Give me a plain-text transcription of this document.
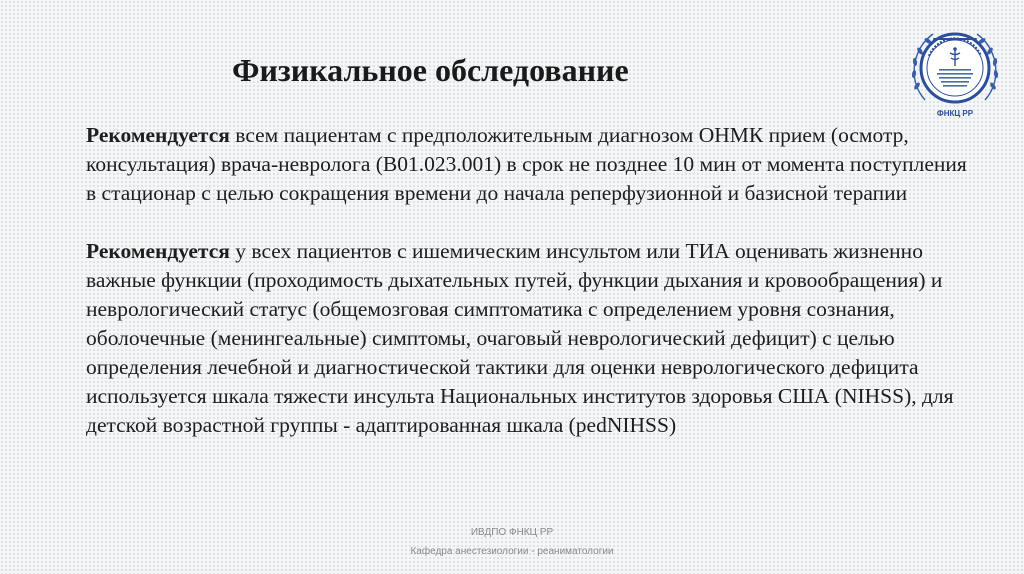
Физикальное обследование
ФНКЦ РР

Рекомендуется всем пациентам с предположительным диагнозом ОНМК прием (осмотр, консультация) врача-невролога (B01.023.001) в срок не позднее 10 мин от момента поступления в стационар с целью сокращения времени до начала реперфузионной и базисной терапии

Рекомендуется у всех пациентов с ишемическим инсультом или ТИА оценивать жизненно важные функции (проходимость дыхательных путей, функции дыхания и кровообращения) и неврологический статус (общемозговая симптоматика с определением уровня сознания, оболочечные (менингеальные) симптомы, очаговый неврологический дефицит) с целью определения лечебной и диагностической тактики для оценки неврологического дефицита используется шкала тяжести инсульта Национальных институтов здоровья США (NIHSS), для детской возрастной группы - адаптированная шкала (pedNIHSS)

ИВДПО ФНКЦ РР
Кафедра анестезиологии - реаниматологии
